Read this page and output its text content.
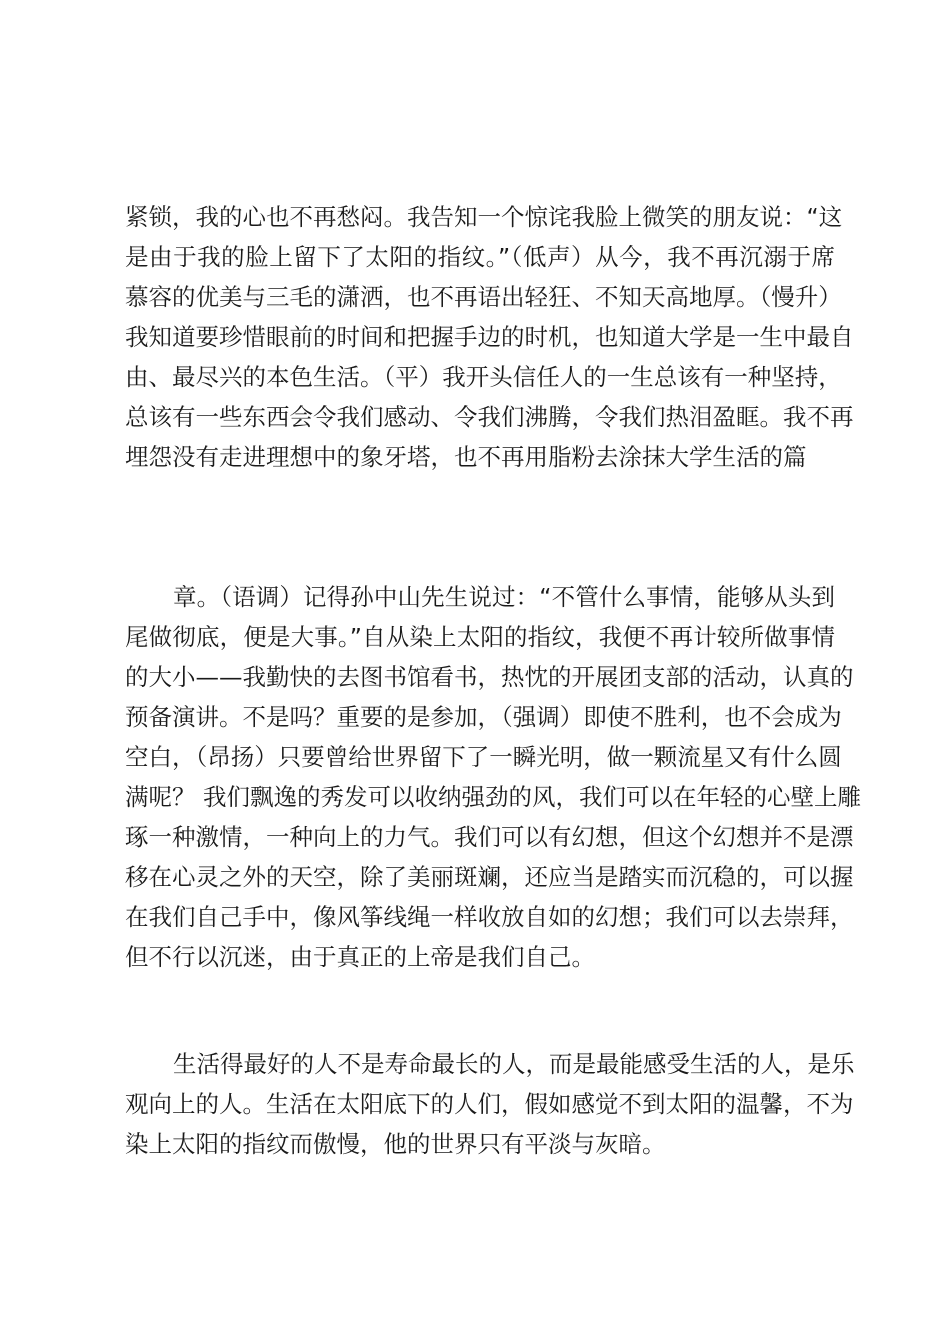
紧锁，我的心也不再愁闷。我告知一个惊诧我脸上微笑的朋友说：“这
是由于我的脸上留下了太阳的指纹。”（低声）从今，我不再沉溺于席
慕容的优美与三毛的潇洒，也不再语出轻狂、不知天高地厚。（慢升）
我知道要珍惜眼前的时间和把握手边的时机，也知道大学是一生中最自
由、最尽兴的本色生活。（平）我开头信任人的一生总该有一种坚持，
总该有一些东西会令我们感动、令我们沸腾，令我们热泪盈眶。我不再
埋怨没有走进理想中的象牙塔，也不再用脂粉去涂抹大学生活的篇
章。（语调）记得孙中山先生说过：“不管什么事情，能够从头到
尾做彻底，便是大事。”自从染上太阳的指纹，我便不再计较所做事情
的大小——我勤快的去图书馆看书，热忱的开展团支部的活动，认真的
预备演讲。不是吗？重要的是参加，（强调）即使不胜利，也不会成为
空白，（昂扬）只要曾给世界留下了一瞬光明，做一颗流星又有什么圆
满呢？ 我们飘逸的秀发可以收纳强劲的风，我们可以在年轻的心壁上雕
琢一种激情，一种向上的力气。我们可以有幻想，但这个幻想并不是漂
移在心灵之外的天空，除了美丽斑斓，还应当是踏实而沉稳的，可以握
在我们自己手中，像风筝线绳一样收放自如的幻想；我们可以去崇拜，
但不行以沉迷，由于真正的上帝是我们自己。
生活得最好的人不是寿命最长的人，而是最能感受生活的人，是乐
观向上的人。生活在太阳底下的人们，假如感觉不到太阳的温馨，不为
染上太阳的指纹而傲慢，他的世界只有平淡与灰暗。
